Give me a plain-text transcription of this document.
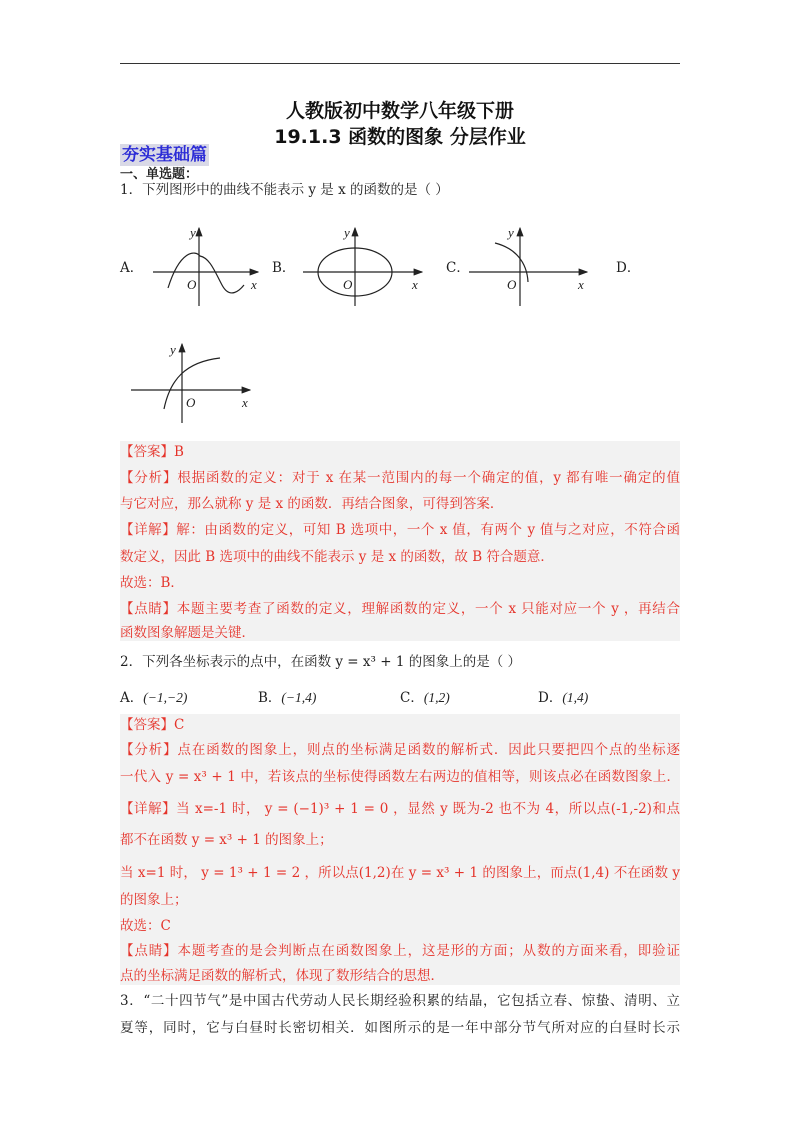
人教版初中数学八年级下册
19.1.3 函数的图象 分层作业
夯实基础篇
一、单选题：
1．下列图形中的曲线不能表示 y 是 x 的函数的是（ ）
A．	B．	C．	D．
y
O	x
y
O	x
y
O	x
y
O	x
【答案】B
【分析】根据函数的定义：对于 x 在某一范围内的每一个确定的值，y 都有唯一确定的值
与它对应，那么就称 y 是 x 的函数．再结合图象，可得到答案．
【详解】解：由函数的定义，可知 B 选项中，一个 x 值，有两个 y 值与之对应，不符合函
数定义，因此 B 选项中的曲线不能表示 y 是 x 的函数，故 B 符合题意．
故选：B．
【点睛】本题主要考查了函数的定义，理解函数的定义，一个 x 只能对应一个 y ，再结合
函数图象解题是关键．
2．下列各坐标表示的点中，在函数 y = x³ + 1 的图象上的是（ ）
A．(−1,−2)	B．(−1,4)	C．(1,2)	D．(1,4)
【答案】C
【分析】点在函数的图象上，则点的坐标满足函数的解析式．因此只要把四个点的坐标逐
一代入 y = x³ + 1 中，若该点的坐标使得函数左右两边的值相等，则该点必在函数图象上．
【详解】当 x=-1 时， y = (−1)³ + 1 = 0 ，显然 y 既为-2 也不为 4，所以点(-1,-2)和点
都不在函数 y = x³ + 1 的图象上；
当 x=1 时， y = 1³ + 1 = 2 ，所以点(1,2)在 y = x³ + 1 的图象上，而点(1,4) 不在函数 y
的图象上；
故选：C
【点睛】本题考查的是会判断点在函数图象上，这是形的方面；从数的方面来看，即验证
点的坐标满足函数的解析式，体现了数形结合的思想．
3．“二十四节气”是中国古代劳动人民长期经验积累的结晶，它包括立春、惊蛰、清明、立
夏等，同时，它与白昼时长密切相关．如图所示的是一年中部分节气所对应的白昼时长示
